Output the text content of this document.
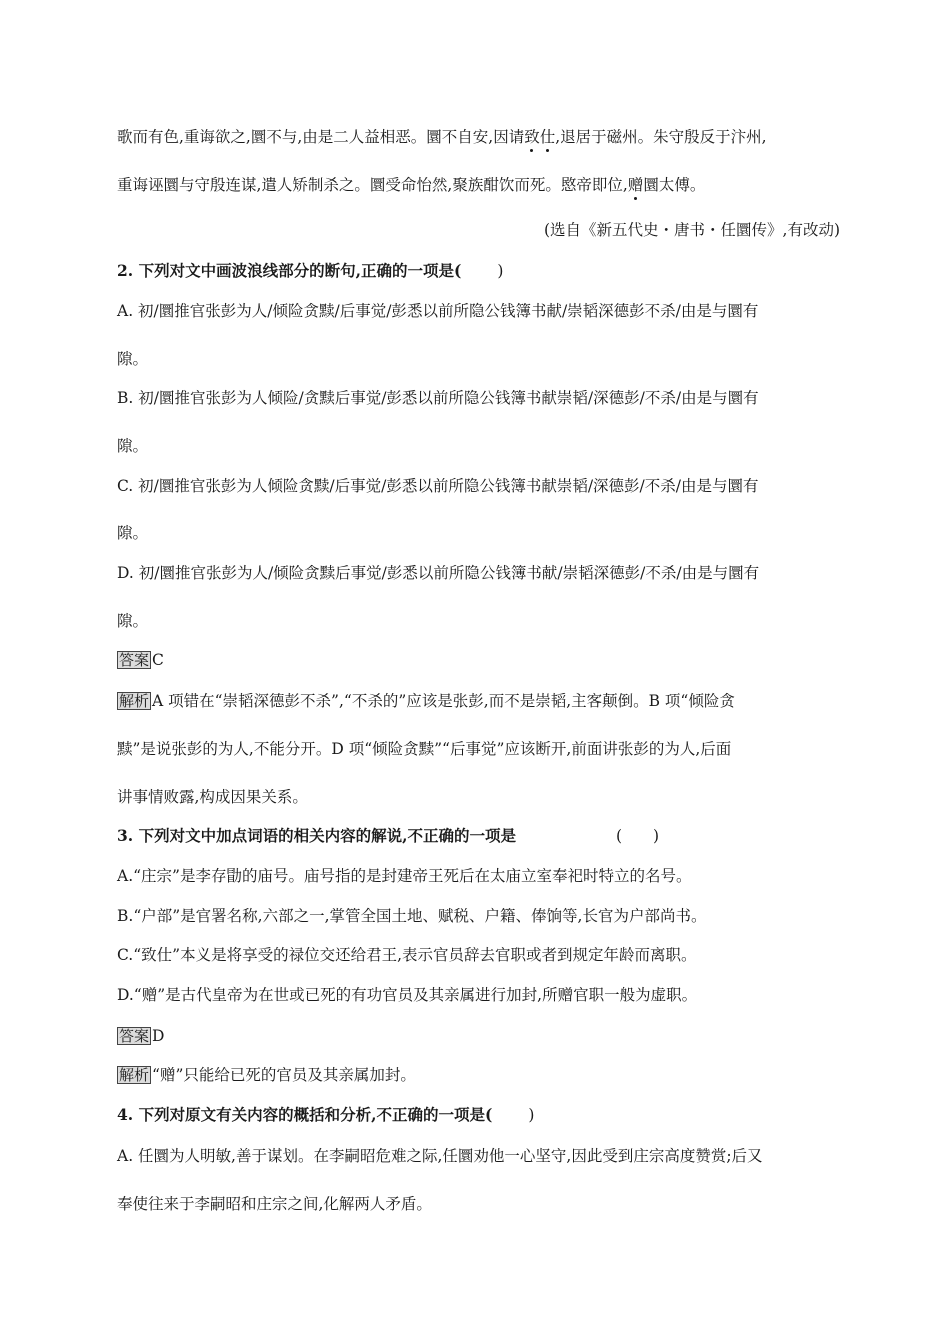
歌而有色,重诲欲之,圜不与,由是二人益相恶。圜不自安,因请致仕,退居于磁州。朱守殷反于汴州,
重诲诬圜与守殷连谋,遣人矫制杀之。圜受命怡然,聚族酣饮而死。愍帝即位,赠圜太傅。
(选自《新五代史・唐书・任圜传》,有改动)
2. 下列对文中画波浪线部分的断句,正确的一项是( )
A. 初/圜推官张彭为人/倾险贪黩/后事觉/彭悉以前所隐公钱簿书献/崇韬深德彭不杀/由是与圜有
隙。
B. 初/圜推官张彭为人倾险/贪黩后事觉/彭悉以前所隐公钱簿书献崇韬/深德彭/不杀/由是与圜有
隙。
C. 初/圜推官张彭为人倾险贪黩/后事觉/彭悉以前所隐公钱簿书献崇韬/深德彭/不杀/由是与圜有
隙。
D. 初/圜推官张彭为人/倾险贪黩后事觉/彭悉以前所隐公钱簿书献/崇韬深德彭/不杀/由是与圜有
隙。
答案 C
解析 A 项错在“崇韬深德彭不杀”,“不杀的”应该是张彭,而不是崇韬,主客颠倒。B 项“倾险贪
黩”是说张彭的为人,不能分开。D 项“倾险贪黩”“后事觉”应该断开,前面讲张彭的为人,后面
讲事情败露,构成因果关系。
3. 下列对文中加点词语的相关内容的解说,不正确的一项是	(　　)
A.“庄宗”是李存勖的庙号。庙号指的是封建帝王死后在太庙立室奉祀时特立的名号。
B.“户部”是官署名称,六部之一,掌管全国土地、赋税、户籍、俸饷等,长官为户部尚书。
C.“致仕”本义是将享受的禄位交还给君王,表示官员辞去官职或者到规定年龄而离职。
D.“赠”是古代皇帝为在世或已死的有功官员及其亲属进行加封,所赠官职一般为虚职。
答案 D
解析 “赠”只能给已死的官员及其亲属加封。
4. 下列对原文有关内容的概括和分析,不正确的一项是( )
A. 任圜为人明敏,善于谋划。在李嗣昭危难之际,任圜劝他一心坚守,因此受到庄宗高度赞赏;后又
奉使往来于李嗣昭和庄宗之间,化解两人矛盾。
